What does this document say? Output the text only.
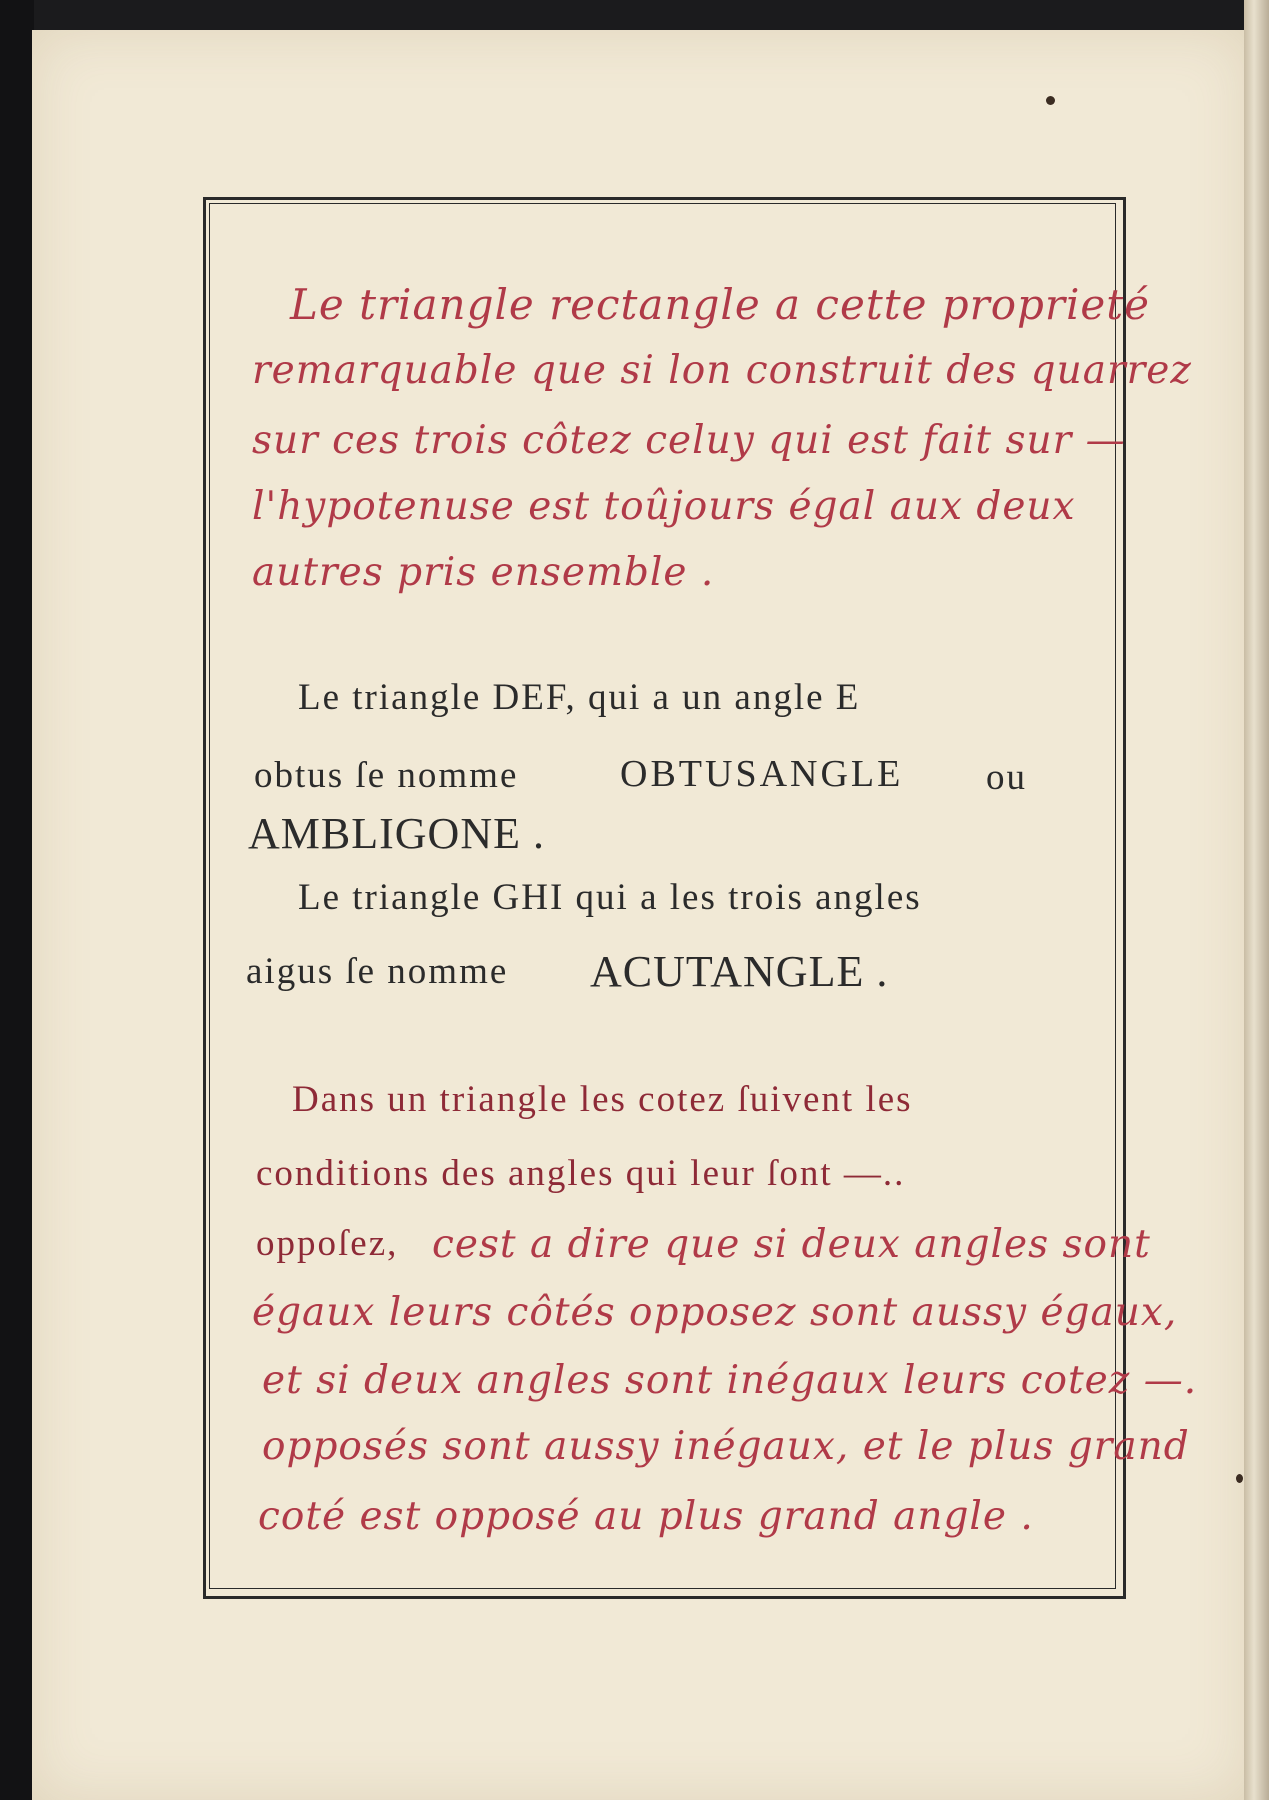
Le triangle rectangle a cette proprieté
remarquable que si lon construit des quarrez
sur ces trois côtez celuy qui est fait sur —
l'hypotenuse est toûjours égal aux deux
autres pris ensemble .
Le triangle DEF, qui a un angle E
obtus ſe nomme	OBTUSANGLE ou
AMBLIGONE .
Le triangle GHI qui a les trois angles
aigus ſe nomme ACUTANGLE .
Dans un triangle les cotez ſuivent les
conditions des angles qui leur ſont —..
oppoſez, cest a dire que si deux angles sont
égaux leurs côtés opposez sont aussy égaux,
et si deux angles sont inégaux leurs cotez —.
opposés sont aussy inégaux, et le plus grand
coté est opposé au plus grand angle .
